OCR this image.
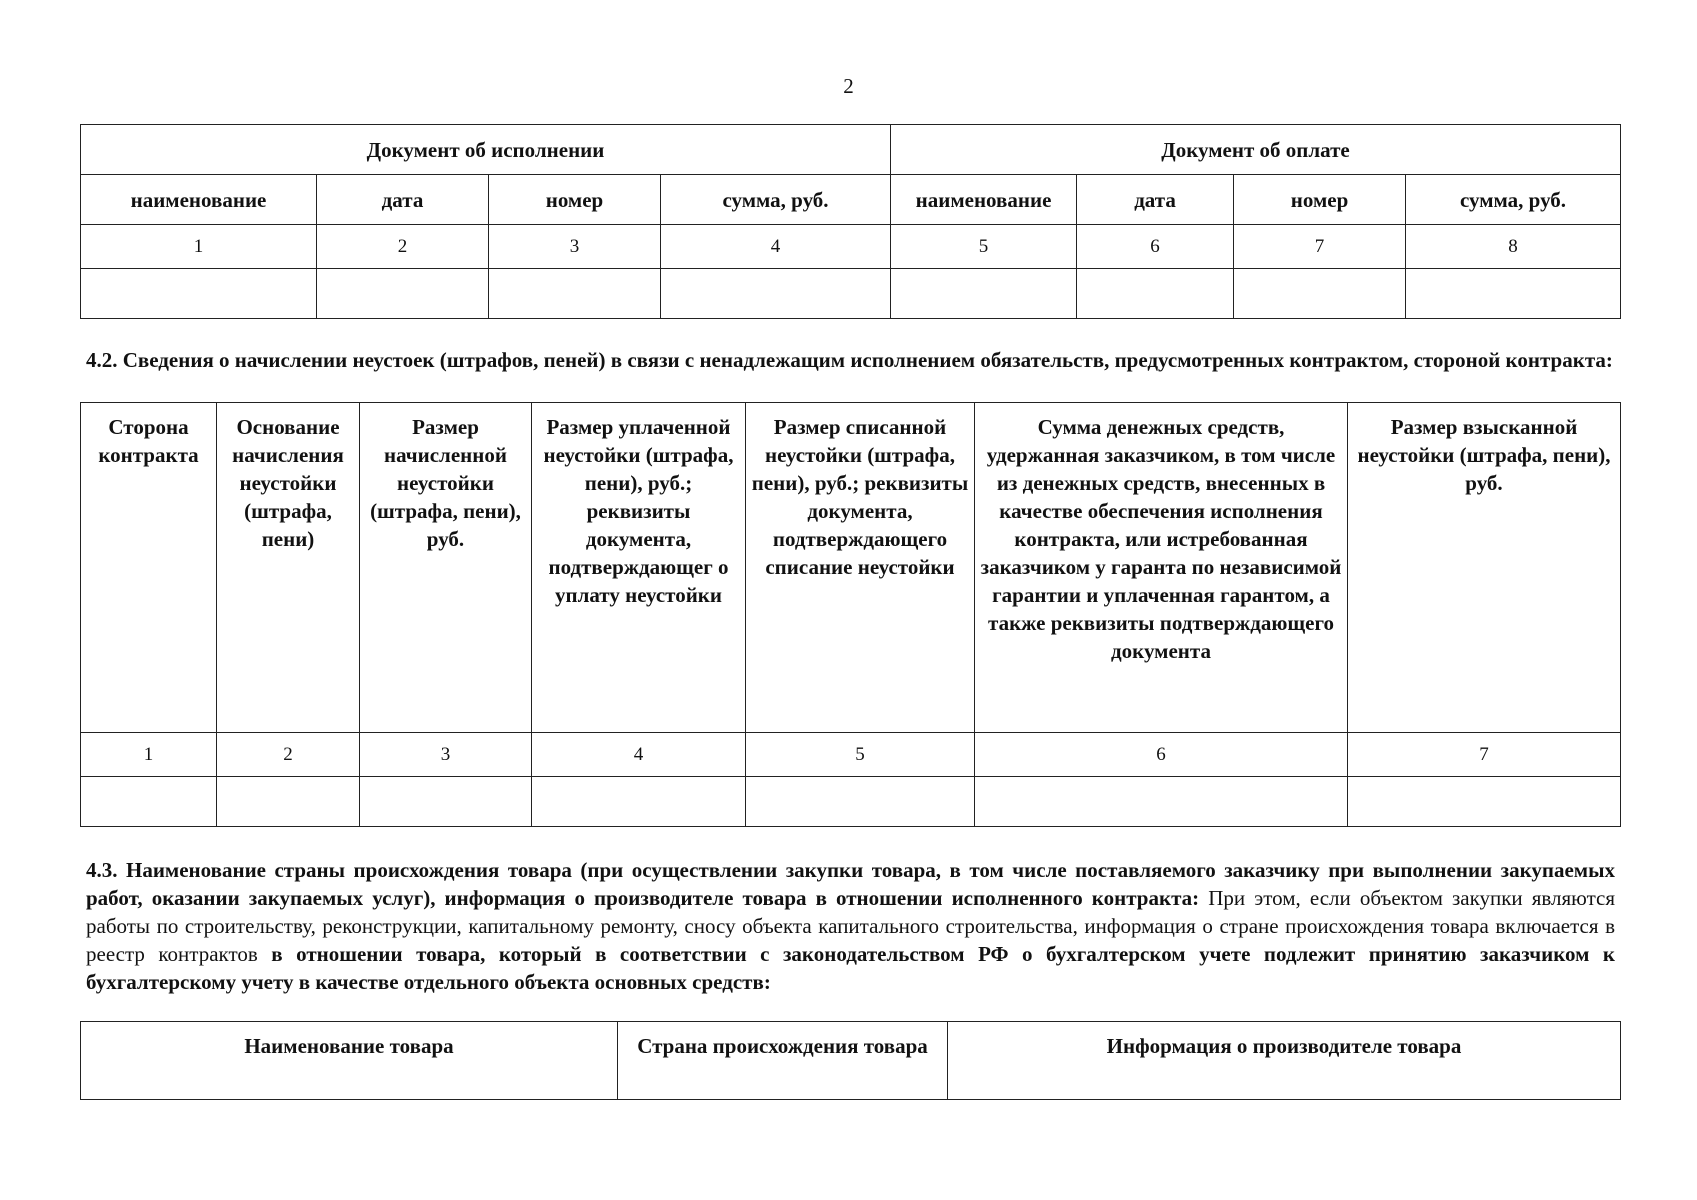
2
Документ об исполнении				Документ об оплате			
наименование	дата	номер	сумма, руб.	наименование	дата	номер	сумма, руб.
1	2	3	4	5	6	7	8

4.2. Сведения о начислении неустоек (штрафов, пеней) в связи с ненадлежащим исполнением обязательств, предусмотренных контрактом, стороной контракта:
Сторона контракта	Основание начисления неустойки (штрафа, пени)	Размер начисленной неустойки (штрафа, пени), руб.	Размер уплаченной неустойки (штрафа, пени), руб.; реквизиты документа, подтверждающег о уплату неустойки	Размер списанной неустойки (штрафа, пени), руб.; реквизиты документа, подтверждающего списание неустойки	Сумма денежных средств, удержанная заказчиком, в том числе из денежных средств, внесенных в качестве обеспечения исполнения контракта, или истребованная заказчиком у гаранта по независимой гарантии и уплаченная гарантом, а также реквизиты подтверждающего документа	Размер взысканной неустойки (штрафа, пени), руб.
1	2	3	4	5	6	7

4.3. Наименование страны происхождения товара (при осуществлении закупки товара, в том числе поставляемого заказчику при выполнении закупаемых работ, оказании закупаемых услуг), информация о производителе товара в отношении исполненного контракта: При этом, если объектом закупки являются работы по строительству, реконструкции, капитальному ремонту, сносу объекта капитального строительства, информация о стране происхождения товара включается в реестр контрактов в отношении товара, который в соответствии с законодательством РФ о бухгалтерском учете подлежит принятию заказчиком к бухгалтерскому учету в качестве отдельного объекта основных средств:
Наименование товара	Страна происхождения товара	Информация о производителе товара
